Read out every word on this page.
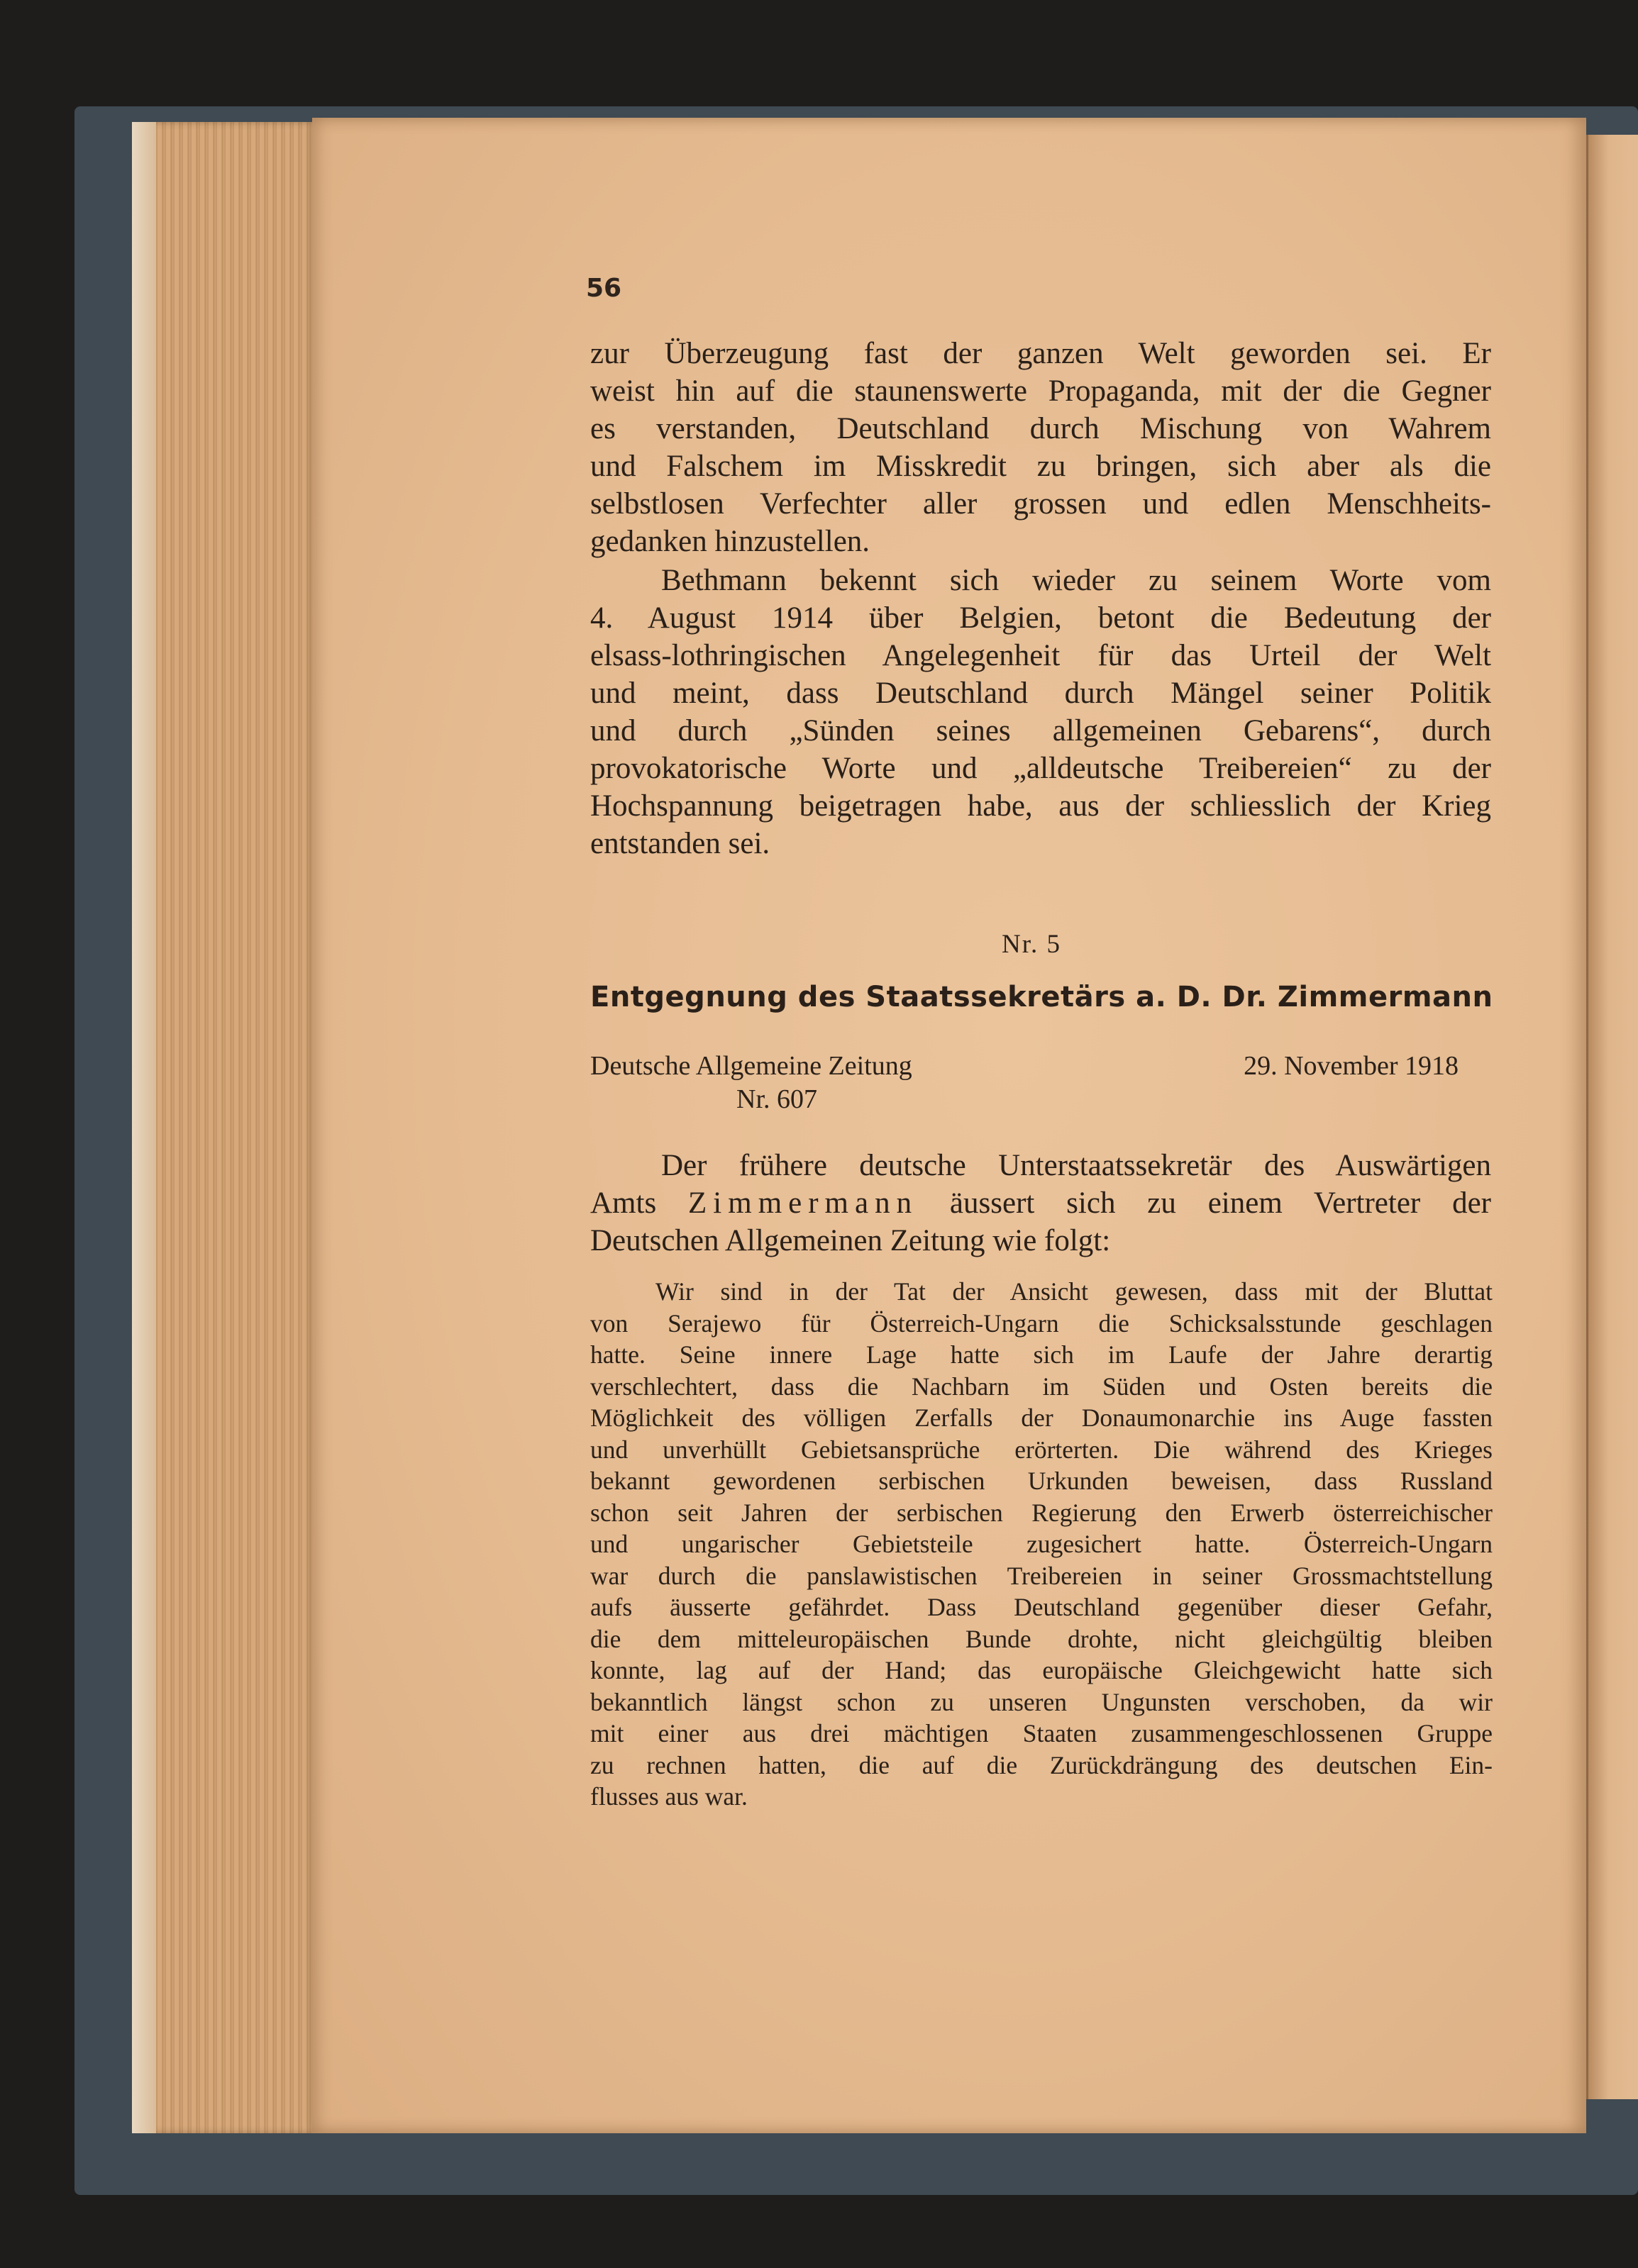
56
zur Überzeugung fast der ganzen Welt geworden sei. Er
weist hin auf die staunenswerte Propaganda, mit der die Gegner
es verstanden, Deutschland durch Mischung von Wahrem
und Falschem im Misskredit zu bringen, sich aber als die
selbstlosen Verfechter aller grossen und edlen Menschheits-
gedanken hinzustellen.
Bethmann bekennt sich wieder zu seinem Worte vom
4. August 1914 über Belgien, betont die Bedeutung der
elsass-lothringischen Angelegenheit für das Urteil der Welt
und meint, dass Deutschland durch Mängel seiner Politik
und durch „Sünden seines allgemeinen Gebarens“, durch
provokatorische Worte und „alldeutsche Treibereien“ zu der
Hochspannung beigetragen habe, aus der schliesslich der Krieg
entstanden sei.
Nr. 5
Entgegnung des Staatssekretärs a. D. Dr. Zimmermann
Deutsche Allgemeine Zeitung	29. November 1918
Nr. 607
Der frühere deutsche Unterstaatssekretär des Auswärtigen
Amts Zimmermann äussert sich zu einem Vertreter der
Deutschen Allgemeinen Zeitung wie folgt:
Wir sind in der Tat der Ansicht gewesen, dass mit der Bluttat
von Serajewo für Österreich-Ungarn die Schicksalsstunde geschlagen
hatte. Seine innere Lage hatte sich im Laufe der Jahre derartig
verschlechtert, dass die Nachbarn im Süden und Osten bereits die
Möglichkeit des völligen Zerfalls der Donaumonarchie ins Auge fassten
und unverhüllt Gebietsansprüche erörterten. Die während des Krieges
bekannt gewordenen serbischen Urkunden beweisen, dass Russland
schon seit Jahren der serbischen Regierung den Erwerb österreichischer
und ungarischer Gebietsteile zugesichert hatte. Österreich-Ungarn
war durch die panslawistischen Treibereien in seiner Grossmachtstellung
aufs äusserte gefährdet. Dass Deutschland gegenüber dieser Gefahr,
die dem mitteleuropäischen Bunde drohte, nicht gleichgültig bleiben
konnte, lag auf der Hand; das europäische Gleichgewicht hatte sich
bekanntlich längst schon zu unseren Ungunsten verschoben, da wir
mit einer aus drei mächtigen Staaten zusammengeschlossenen Gruppe
zu rechnen hatten, die auf die Zurückdrängung des deutschen Ein-
flusses aus war.
